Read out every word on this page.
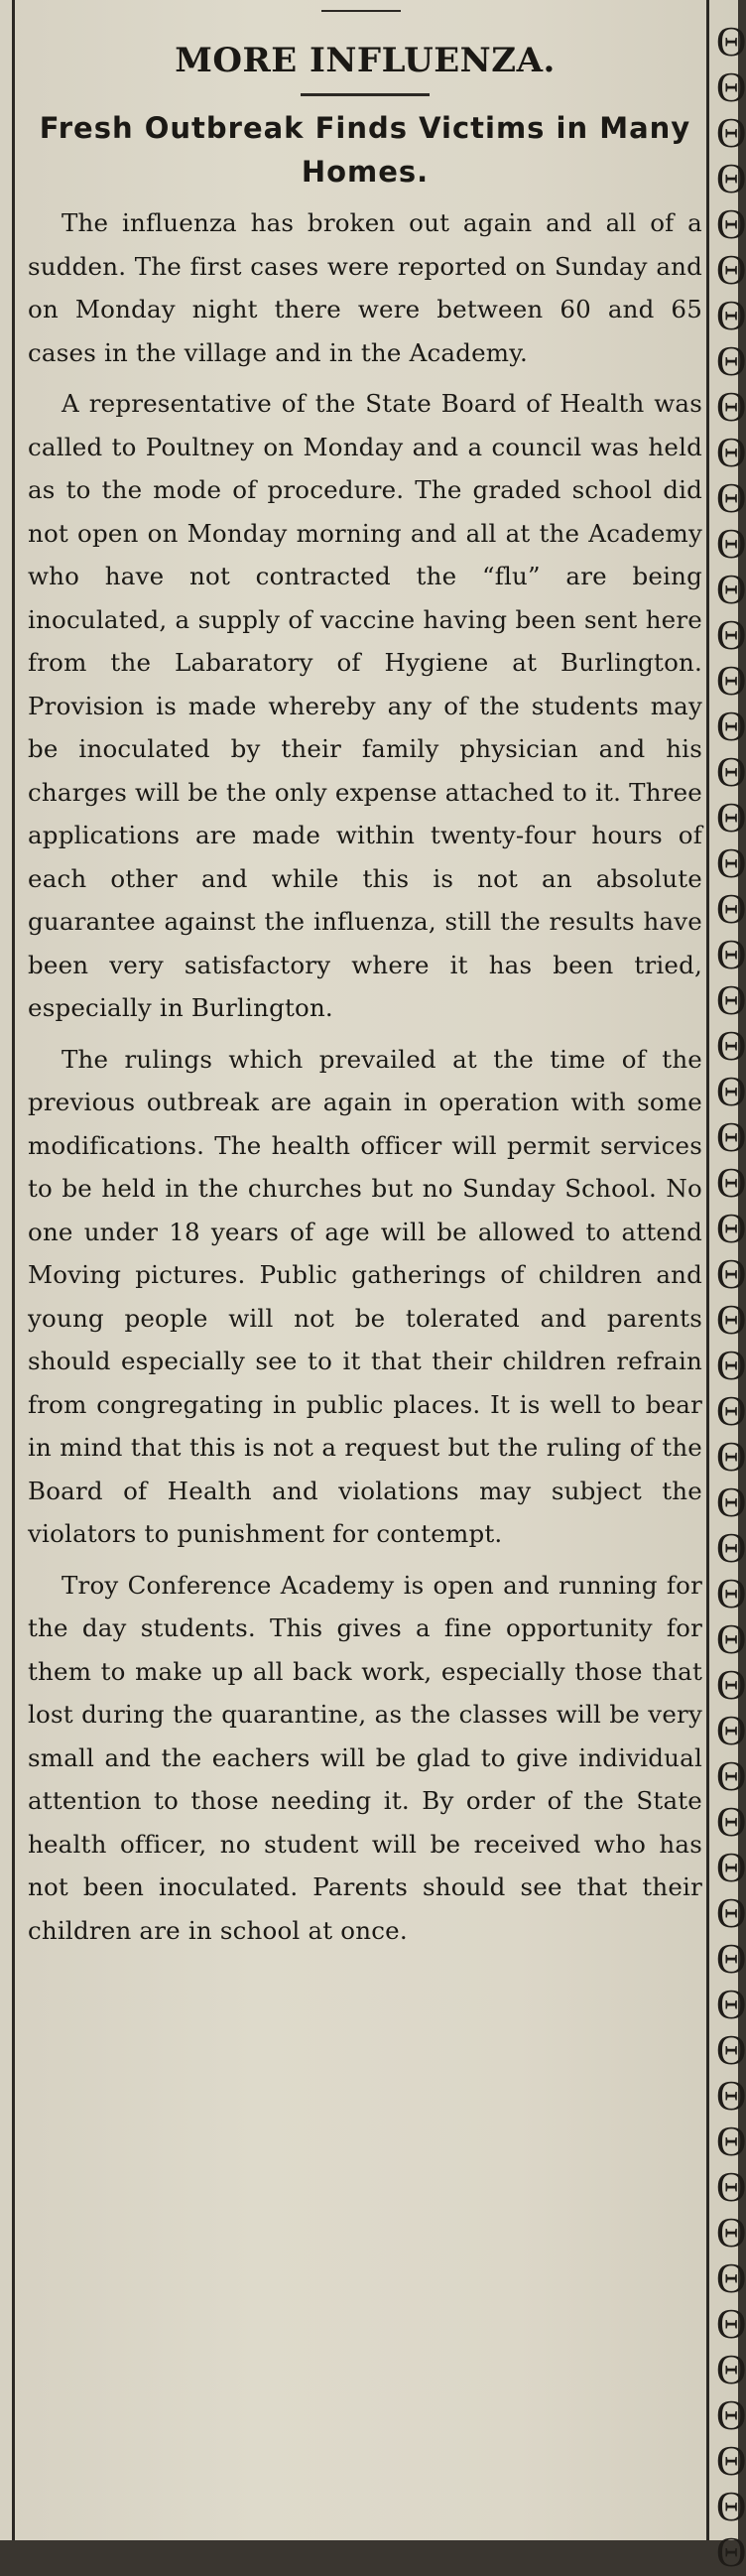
Θ
Θ
Θ
Θ
Θ
Θ
Θ
Θ
Θ
Θ
Θ
Θ
Θ
Θ
Θ
Θ
Θ
Θ
Θ
Θ
Θ
Θ
Θ
Θ
Θ
Θ
Θ
Θ
Θ
Θ
Θ
Θ
Θ
Θ
Θ
Θ
Θ
Θ
Θ
Θ
Θ
Θ
Θ
Θ
Θ
Θ
Θ
Θ
Θ
Θ
Θ
Θ
Θ
Θ
Θ
Θ
MORE INFLUENZA.
Fresh Outbreak Finds Victims in Many Homes.

The influenza has broken out again and all of a sudden. The first cases were reported on Sunday and on Monday night there were between 60 and 65 cases in the village and in the Academy.

A representative of the State Board of Health was called to Poultney on Monday and a council was held as to the mode of procedure. The graded school did not open on Monday morning and all at the Academy who have not contracted the “flu” are being inoculated, a supply of vaccine having been sent here from the Labaratory of Hygiene at Burlington. Provision is made whereby any of the students may be inoculated by their family physician and his charges will be the only expense attached to it. Three applications are made within twenty-four hours of each other and while this is not an absolute guarantee against the influenza, still the results have been very satisfactory where it has been tried, especially in Burlington.

The rulings which prevailed at the time of the previous outbreak are again in operation with some modifications. The health officer will permit services to be held in the churches but no Sunday School. No one under 18 years of age will be allowed to attend Moving pictures. Public gatherings of children and young people will not be tolerated and parents should especially see to it that their children refrain from congregating in public places. It is well to bear in mind that this is not a request but the ruling of the Board of Health and violations may subject the violators to punishment for contempt.

Troy Conference Academy is open and running for the day students. This gives a fine opportunity for them to make up all back work, especially those that lost during the quarantine, as the classes will be very small and the eachers will be glad to give individual attention to those needing it. By order of the State health officer, no student will be received who has not been inoculated. Parents should see that their children are in school at once.
